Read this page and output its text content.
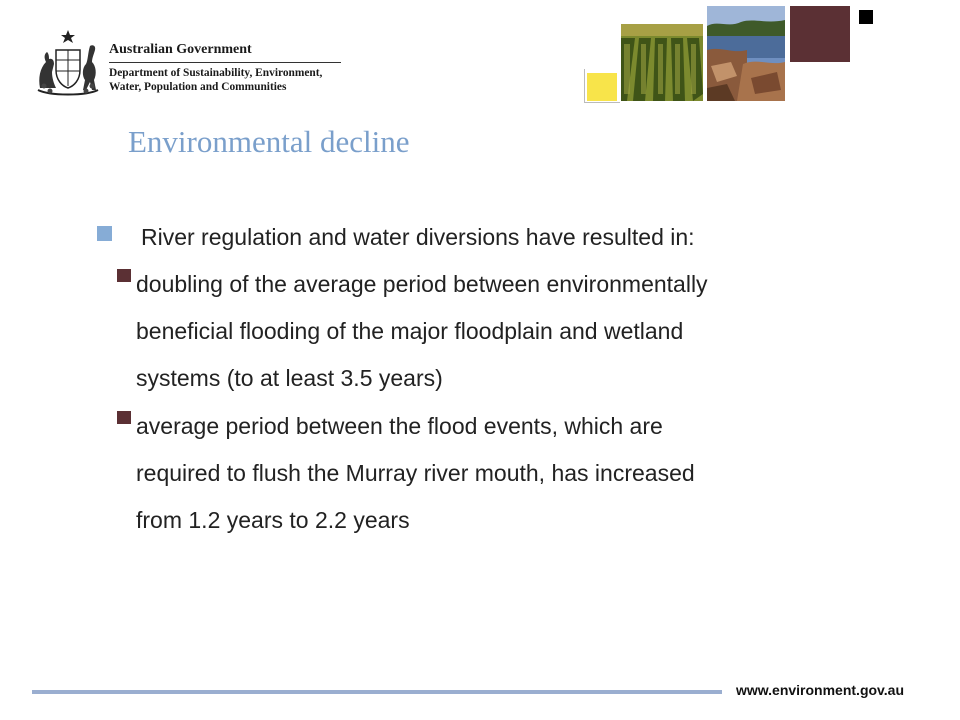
Australian Government
Department of Sustainability, Environment,
Water, Population and Communities
Environmental decline
River regulation and water diversions have resulted in:
doubling of the average period between environmentally
beneficial flooding of the major floodplain and wetland
systems (to at least 3.5 years)
average period between the flood events, which are
required to flush the Murray river mouth, has increased
from 1.2 years to 2.2 years
www.environment.gov.au
